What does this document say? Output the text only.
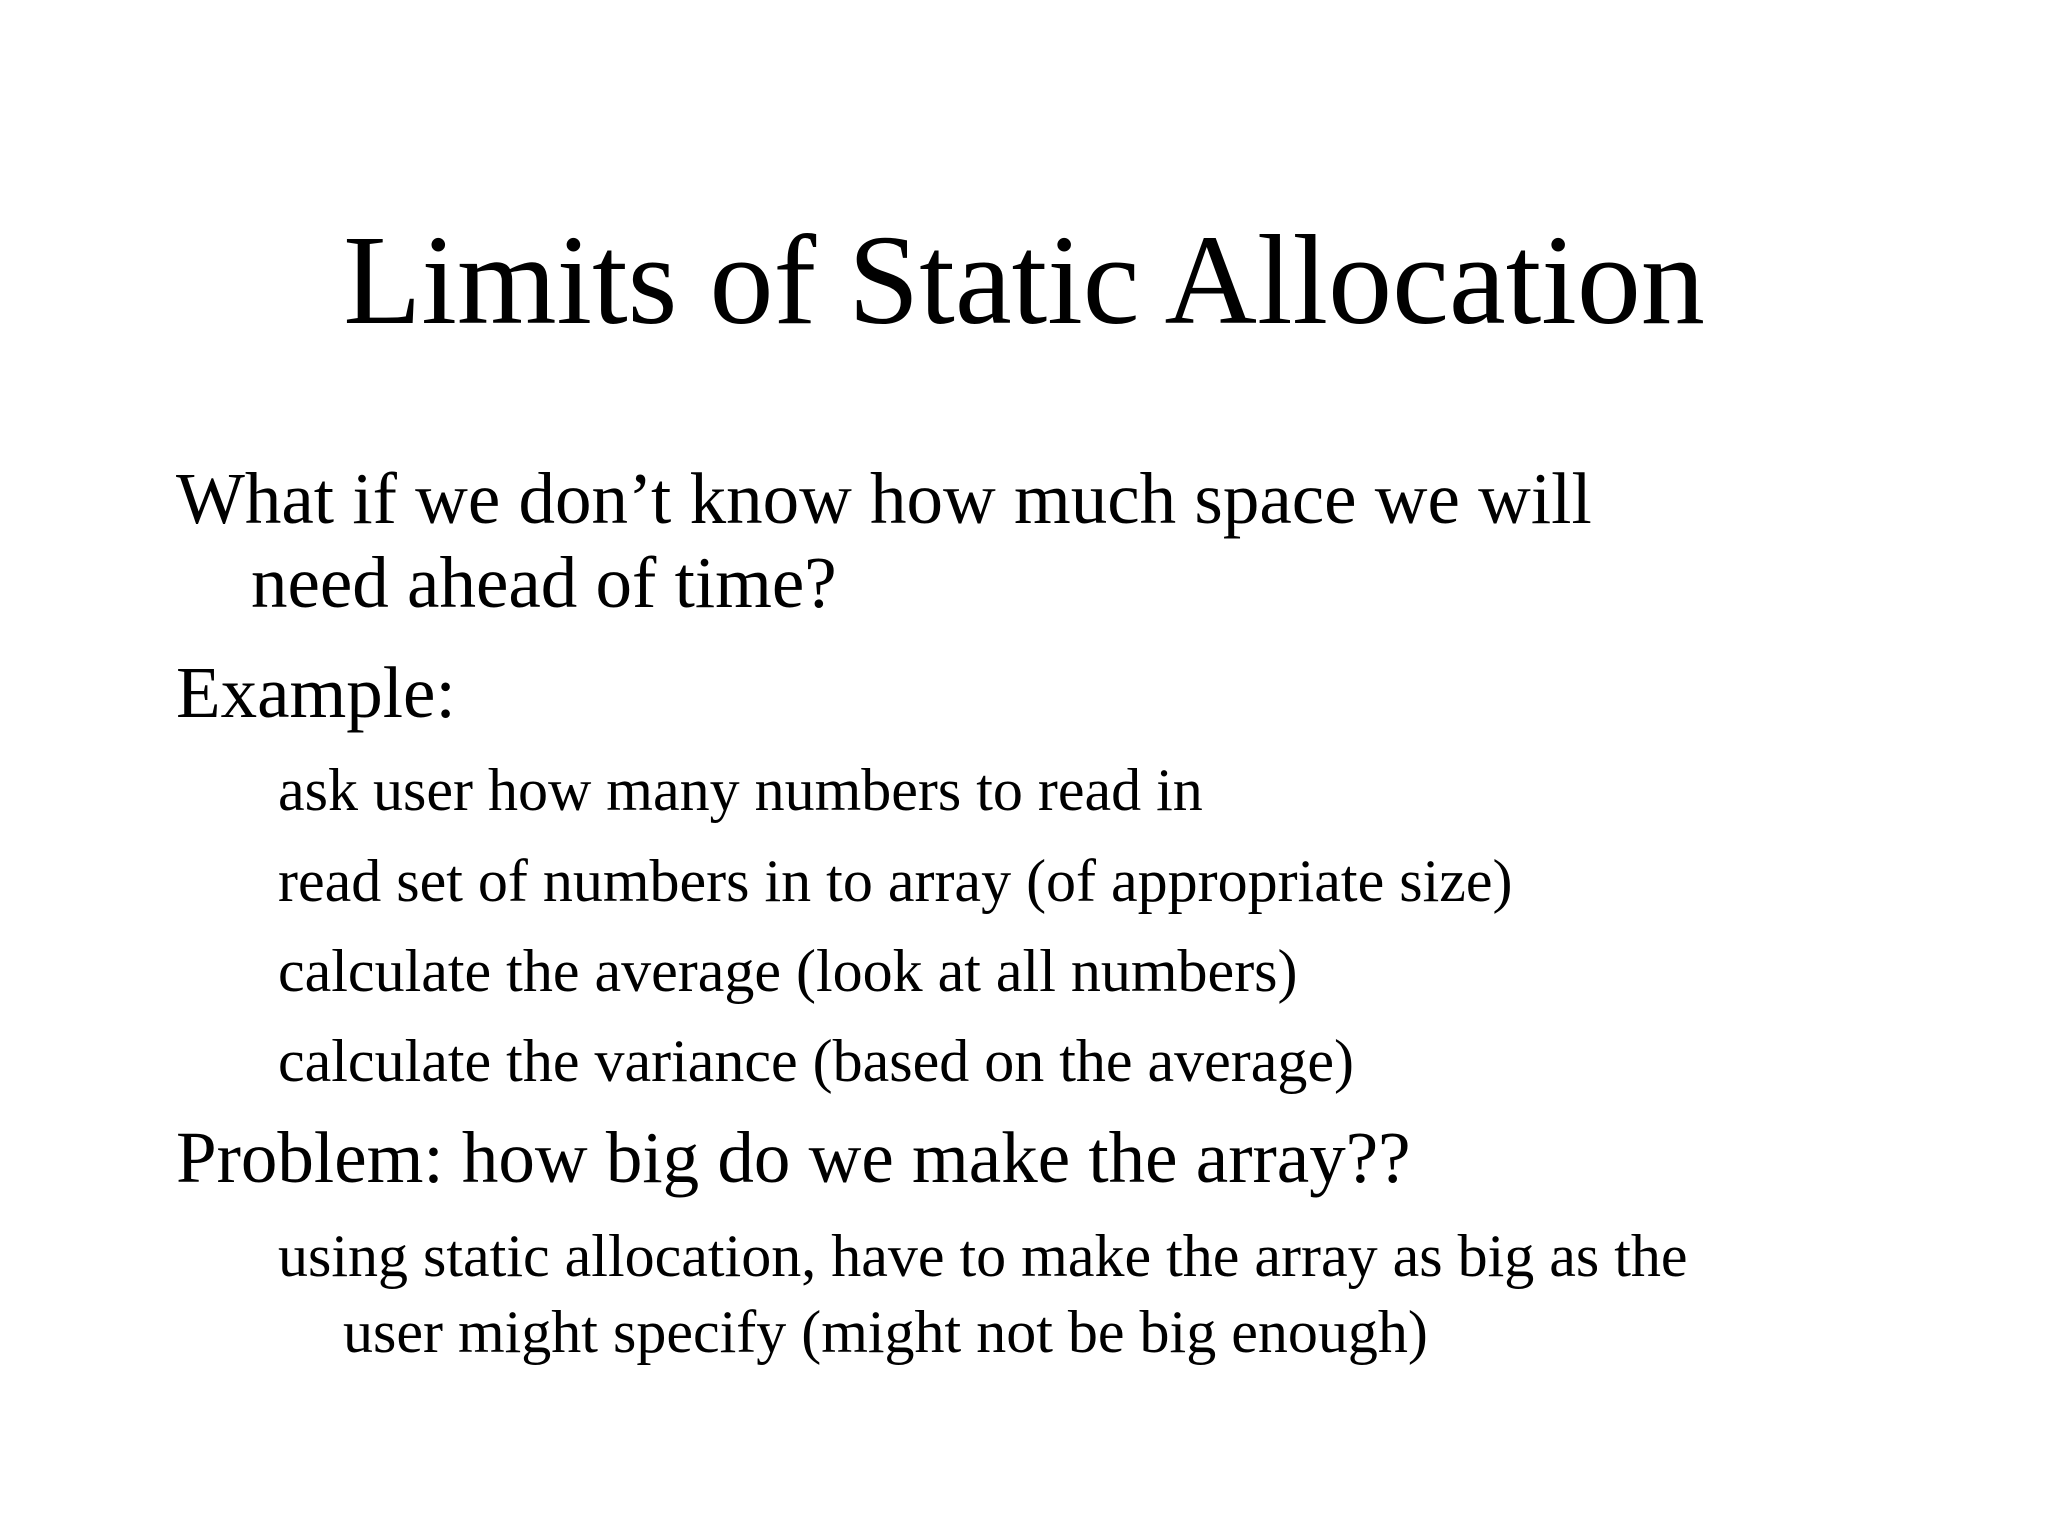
Limits of Static Allocation
What if we don’t know how much space we will
need ahead of time?
Example:
ask user how many numbers to read in
read set of numbers in to array (of appropriate size)
calculate the average (look at all numbers)
calculate the variance (based on the average)
Problem: how big do we make the array??
using static allocation, have to make the array as big as the
user might specify (might not be big enough)
